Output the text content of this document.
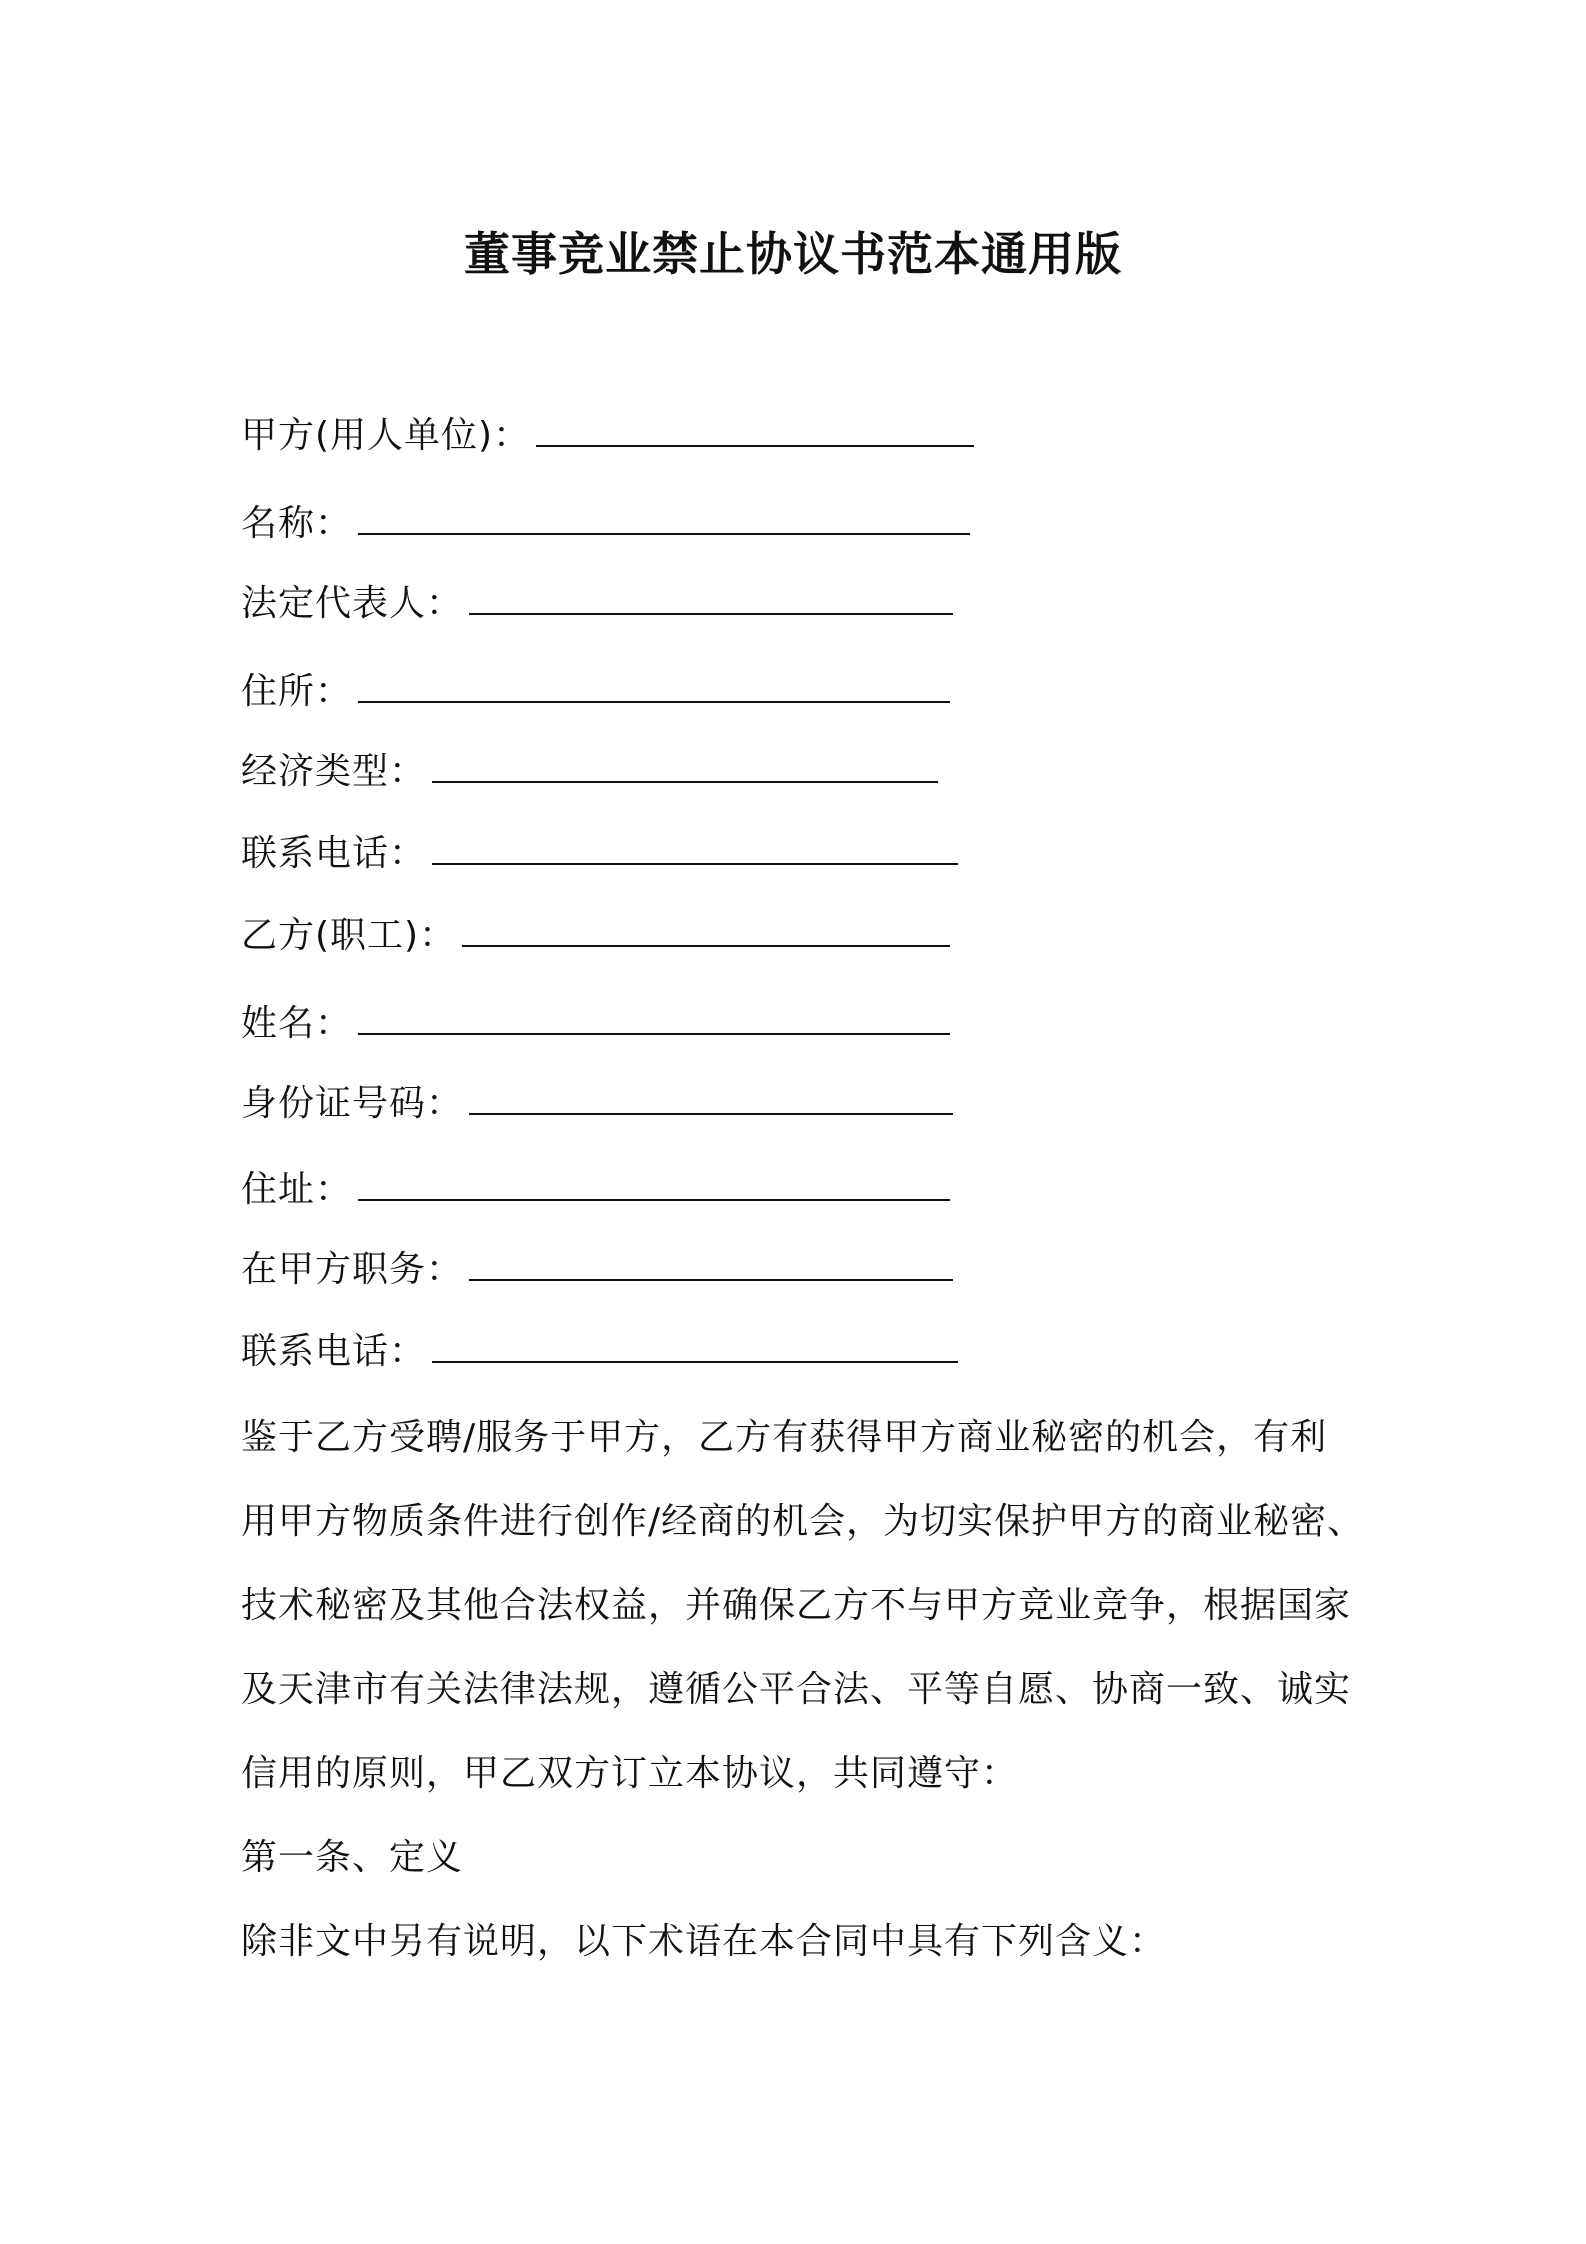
董事竞业禁止协议书范本通用版
甲方(用人单位)：
名称：
法定代表人：
住所：
经济类型：
联系电话：
乙方(职工)：
姓名：
身份证号码：
住址：
在甲方职务：
联系电话：
鉴于乙方受聘/服务于甲方，乙方有获得甲方商业秘密的机会，有利
用甲方物质条件进行创作/经商的机会，为切实保护甲方的商业秘密、
技术秘密及其他合法权益，并确保乙方不与甲方竞业竞争，根据国家
及天津市有关法律法规，遵循公平合法、平等自愿、协商一致、诚实
信用的原则，甲乙双方订立本协议，共同遵守：
第一条、定义
除非文中另有说明，以下术语在本合同中具有下列含义：
